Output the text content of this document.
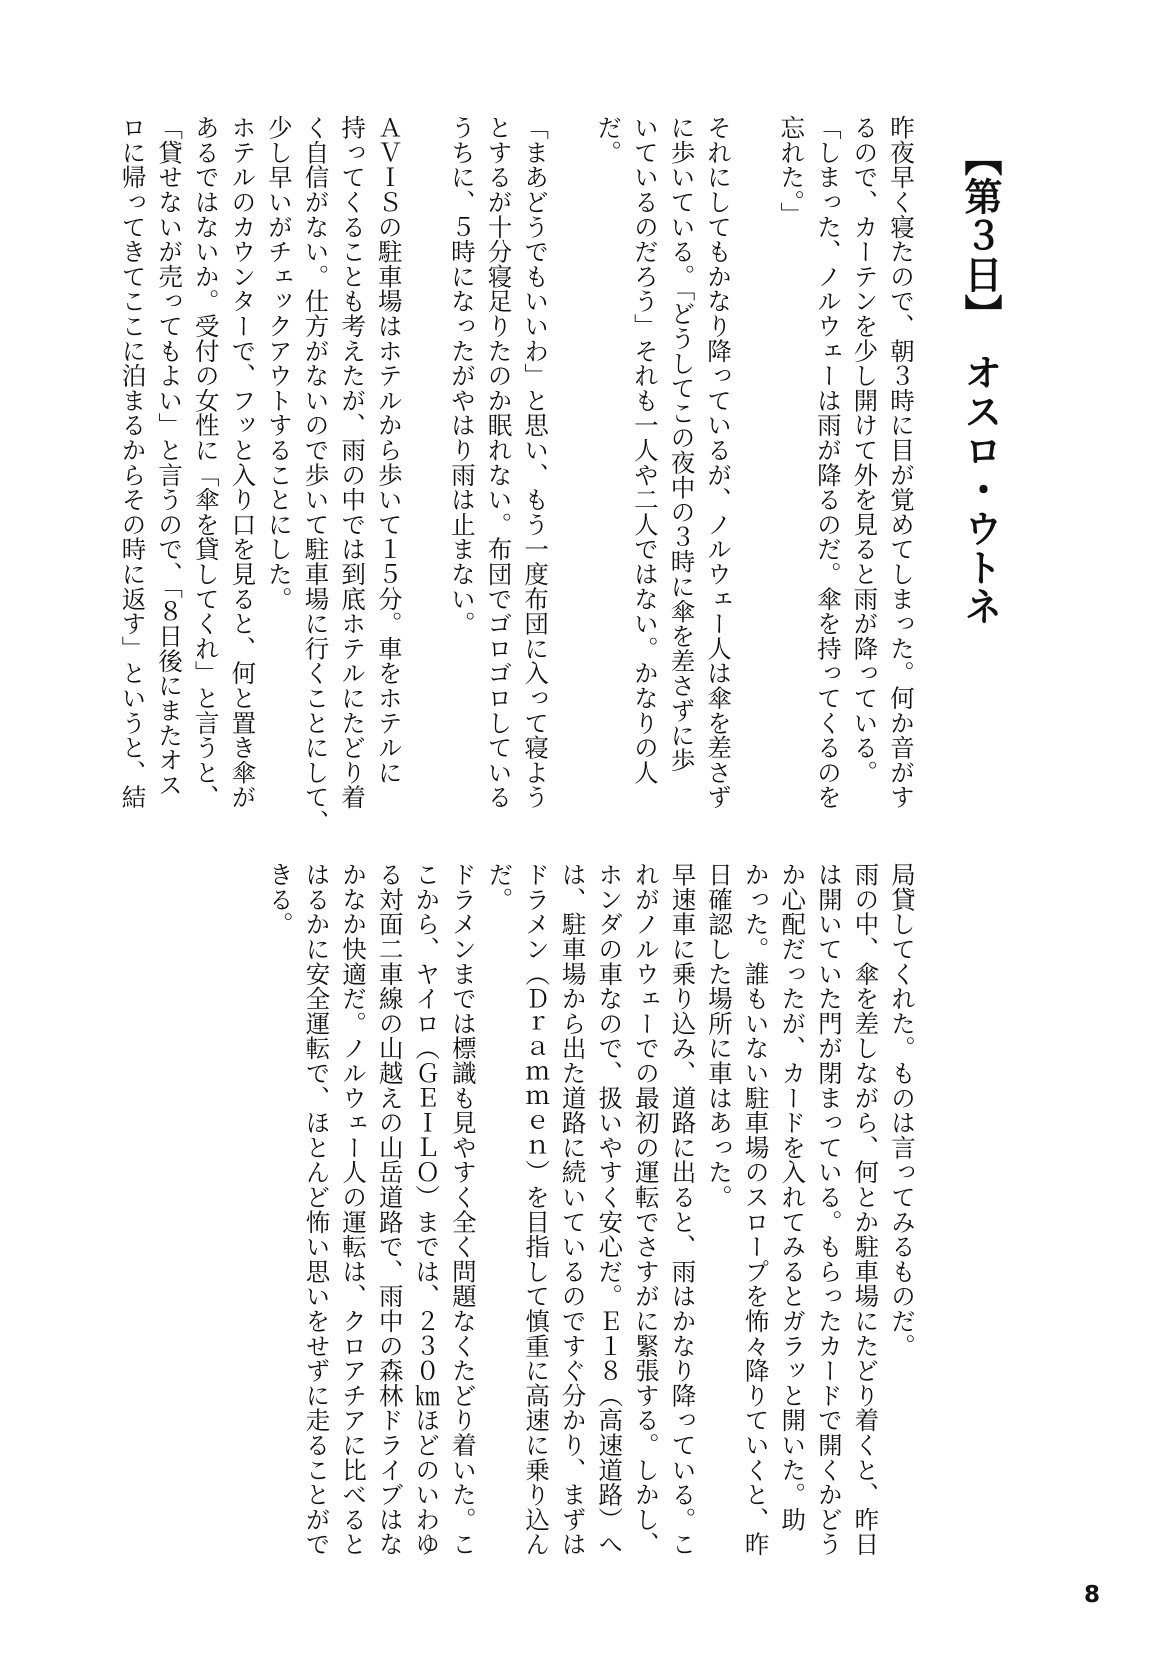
【第３日】　オスロ・ウトネ
昨夜早く寝たので、朝３時に目が覚めてしまった。何か音がす
るので、カーテンを少し開けて外を見ると雨が降っている。
「しまった、ノルウェーは雨が降るのだ。傘を持ってくるのを
忘れた。」

それにしてもかなり降っているが、ノルウェー人は傘を差さず
に歩いている。「どうしてこの夜中の３時に傘を差さずに歩
いているのだろう」それも一人や二人ではない。かなりの人
だ。

「まあどうでもいいわ」と思い、もう一度布団に入って寝よう
とするが十分寝足りたのか眠れない。布団でゴロゴロしている
うちに、５時になったがやはり雨は止まない。

ＡＶＩＳの駐車場はホテルから歩いて１５分。車をホテルに
持ってくることも考えたが、雨の中では到底ホテルにたどり着
く自信がない。仕方がないので歩いて駐車場に行くことにして、
少し早いがチェックアウトすることにした。
ホテルのカウンターで、フッと入り口を見ると、何と置き傘が
あるではないか。受付の女性に「傘を貸してくれ」と言うと、
「貸せないが売ってもよい」と言うので、「８日後にまたオス
ロに帰ってきてここに泊まるからその時に返す」というと、結
局貸してくれた。ものは言ってみるものだ。
雨の中、傘を差しながら、何とか駐車場にたどり着くと、昨日
は開いていた門が閉まっている。もらったカードで開くかどう
か心配だったが、カードを入れてみるとガラッと開いた。助
かった。誰もいない駐車場のスロープを怖々降りていくと、昨
日確認した場所に車はあった。
早速車に乗り込み、道路に出ると、雨はかなり降っている。こ
れがノルウェーでの最初の運転でさすがに緊張する。しかし、
ホンダの車なので、扱いやすく安心だ。Ｅ１８（高速道路）へ
は、駐車場から出た道路に続いているのですぐ分かり、まずは
ドラメン（Ｄｒａｍｍｅｎ）を目指して慎重に高速に乗り込ん
だ。
ドラメンまでは標識も見やすく全く問題なくたどり着いた。こ
こから、ヤイロ（ＧＥＩＬＯ）までは、２３０㎞ほどのいわゆ
る対面二車線の山越えの山岳道路で、雨中の森林ドライブはな
かなか快適だ。ノルウェー人の運転は、クロアチアに比べると
はるかに安全運転で、ほとんど怖い思いをせずに走ることがで
きる。
8
